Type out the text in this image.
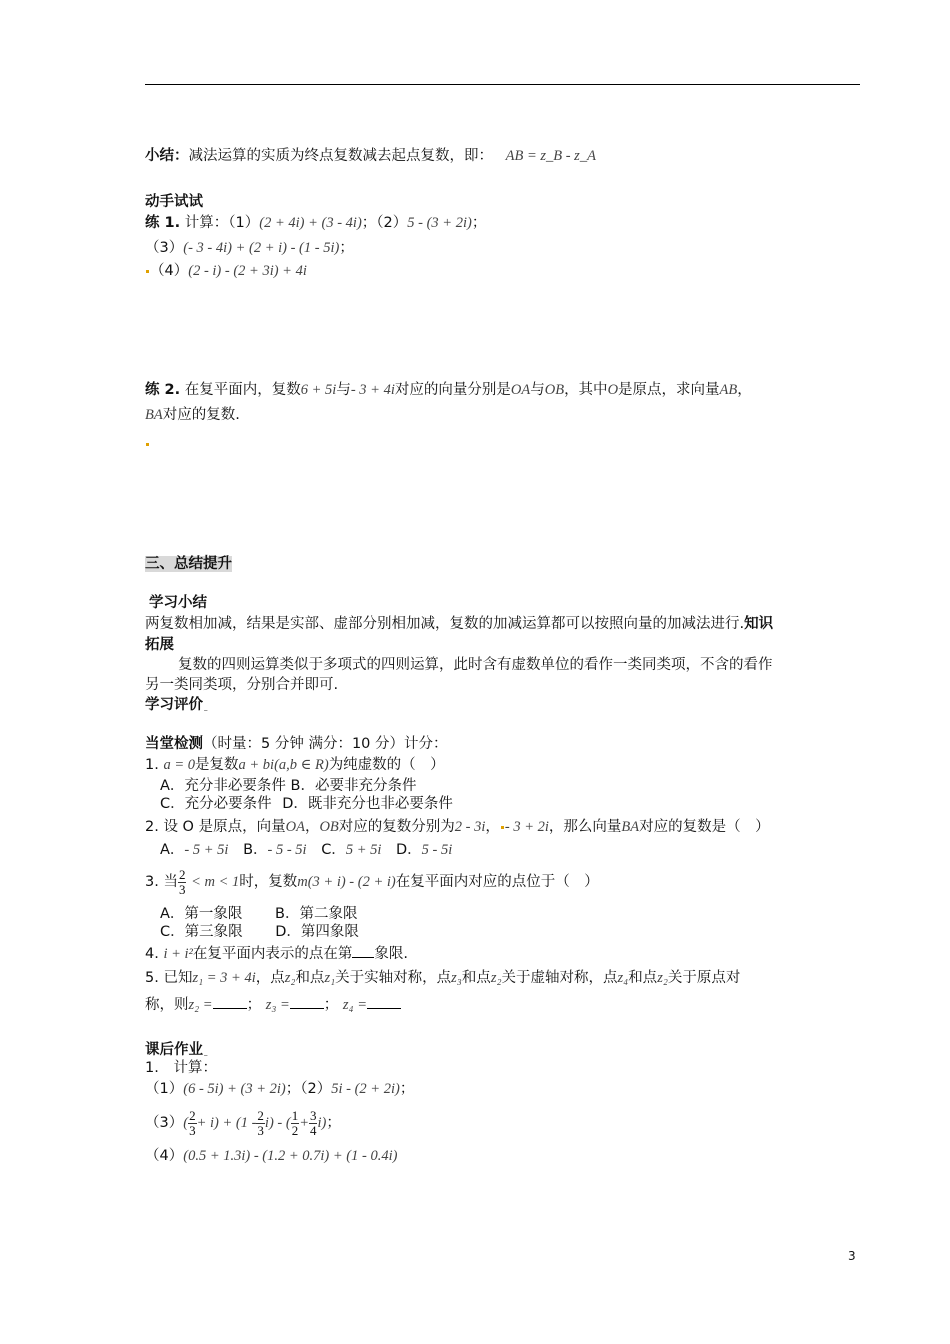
小结：减法运算的实质为终点复数减去起点复数，即： AB = z_B - z_A
动手试试
练 1. 计算：（1）(2 + 4i) + (3 - 4i)；（2）5 - (3 + 2i)；
（3）(- 3 - 4i) + (2 + i) - (1 - 5i)；
（4）(2 - i) - (2 + 3i) + 4i
练 2. 在复平面内，复数6 + 5i与- 3 + 4i对应的向量分别是OA与OB，其中O是原点，求向量AB，
BA对应的复数.
三、总结提升
学习小结
两复数相加减，结果是实部、虚部分别相加减，复数的加减运算都可以按照向量的加减法进行.知识
拓展
复数的四则运算类似于多项式的四则运算，此时含有虚数单位的看作一类同类项，不含的看作
另一类同类项，分别合并即可.
学习评价ˍ
当堂检测（时量：5 分钟 满分：10 分）计分：
1. a = 0是复数a + bi(a,b ∈ R)为纯虚数的（　）
A．充分非必要条件 B．必要非充分条件
C．充分必要条件 D．既非充分也非必要条件
2. 设 O 是原点，向量OA，OB对应的复数分别为2 - 3i， - 3 + 2i，那么向量BA对应的复数是（　）
A．- 5 + 5i B．- 5 - 5i C．5 + 5i D．5 - 5i
3. 当 $\frac{2}{3} < m < 1$时，复数m(3 + i) - (2 + i)在复平面内对应的点位于（　）
A．第一象限 B．第二象限
C．第三象限 D．第四象限
4. i + i²在复平面内表示的点在第 象限.
5. 已知z₁ = 3 + 4i，点z₂和点z₁关于实轴对称，点z₃和点z₂关于虚轴对称，点z₄和点z₂关于原点对
称，则z₂ = ； z₃ = ； z₄ =
课后作业ˍ
1. 计算：
（1）(6 - 5i) + (3 + 2i)；（2）5i - (2 + 2i)；
$(3)( \frac{2}{3} + i) + (1 - \frac{2}{3} i)$ - ( $\frac{1}{2} + \frac{3}{4} i$)；
（4）(0.5 + 1.3i) - (1.2 + 0.7i) + (1 - 0.4i)
3
